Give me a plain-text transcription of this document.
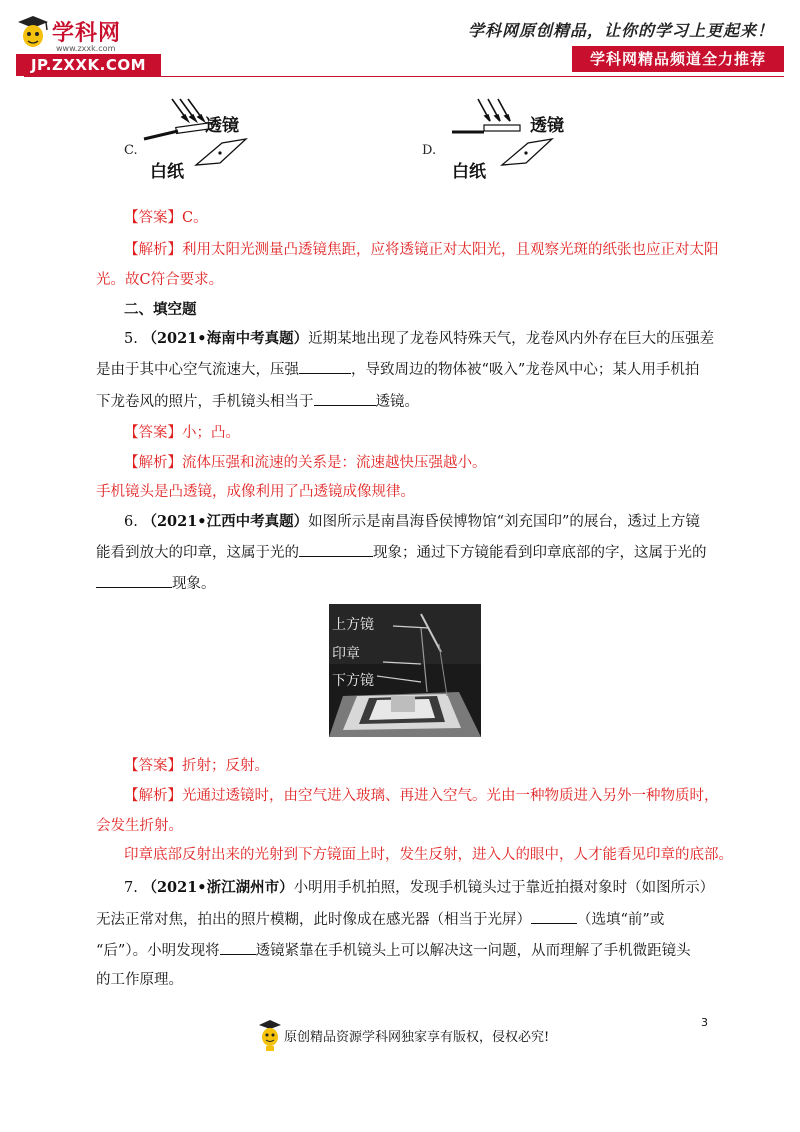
学科网
www.zxxk.com
JP.ZXXK.COM
学科网原创精品，让你的学习上更起来！
学科网精品频道全力推荐
C.
透镜
白纸
D.
透镜
白纸
【答案】C。
【解析】利用太阳光测量凸透镜焦距，应将透镜正对太阳光，且观察光斑的纸张也应正对太阳
光。故C符合要求。
二、填空题
5. （2021•海南中考真题）近期某地出现了龙卷风特殊天气，龙卷风内外存在巨大的压强差
是由于其中心空气流速大，压强	，导致周边的物体被“吸入”龙卷风中心；某人用手机拍
下龙卷风的照片，手机镜头相当于	透镜。
【答案】小；凸。
【解析】流体压强和流速的关系是：流速越快压强越小。
手机镜头是凸透镜，成像利用了凸透镜成像规律。
6. （2021•江西中考真题）如图所示是南昌海昏侯博物馆“刘充国印”的展台，透过上方镜
能看到放大的印章，这属于光的	现象；通过下方镜能看到印章底部的字，这属于光的
现象。
上方镜
印章
下方镜
【答案】折射；反射。
【解析】光通过透镜时，由空气进入玻璃、再进入空气。光由一种物质进入另外一种物质时，
会发生折射。
印章底部反射出来的光射到下方镜面上时，发生反射，进入人的眼中，人才能看见印章的底部。
7. （2021•浙江湖州市）小明用手机拍照，发现手机镜头过于靠近拍摄对象时（如图所示）
无法正常对焦，拍出的照片模糊，此时像成在感光器（相当于光屏）	（选填“前”或
“后”）。小明发现将 透镜紧靠在手机镜头上可以解决这一问题，从而理解了手机微距镜头
的工作原理。
3
原创精品资源学科网独家享有版权，侵权必究!
